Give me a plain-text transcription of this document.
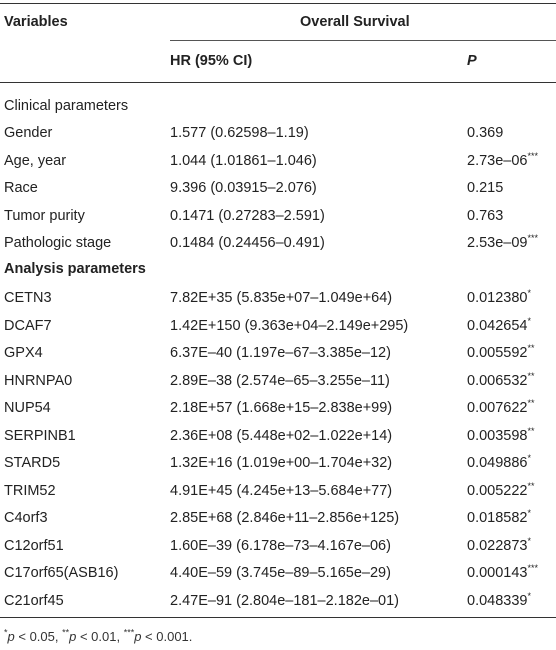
Variables	Overall Survival
HR (95% CI)	P
Clinical parameters
Gender	1.577 (0.62598–1.19)	0.369
Age, year	1.044 (1.01861–1.046)	2.73e–06***
Race	9.396 (0.03915–2.076)	0.215
Tumor purity	0.1471 (0.27283–2.591)	0.763
Pathologic stage	0.1484 (0.24456–0.491)	2.53e–09***
Analysis parameters
CETN3	7.82E+35 (5.835e+07–1.049e+64)	0.012380*
DCAF7	1.42E+150 (9.363e+04–2.149e+295)	0.042654*
GPX4	6.37E–40 (1.197e–67–3.385e–12)	0.005592**
HNRNPA0	2.89E–38 (2.574e–65–3.255e–11)	0.006532**
NUP54	2.18E+57 (1.668e+15–2.838e+99)	0.007622**
SERPINB1	2.36E+08 (5.448e+02–1.022e+14)	0.003598**
STARD5	1.32E+16 (1.019e+00–1.704e+32)	0.049886*
TRIM52	4.91E+45 (4.245e+13–5.684e+77)	0.005222**
C4orf3	2.85E+68 (2.846e+11–2.856e+125)	0.018582*
C12orf51	1.60E–39 (6.178e–73–4.167e–06)	0.022873*
C17orf65(ASB16)	4.40E–59 (3.745e–89–5.165e–29)	0.000143***
C21orf45	2.47E–91 (2.804e–181–2.182e–01)	0.048339*
*p < 0.05, **p < 0.01, ***p < 0.001.
